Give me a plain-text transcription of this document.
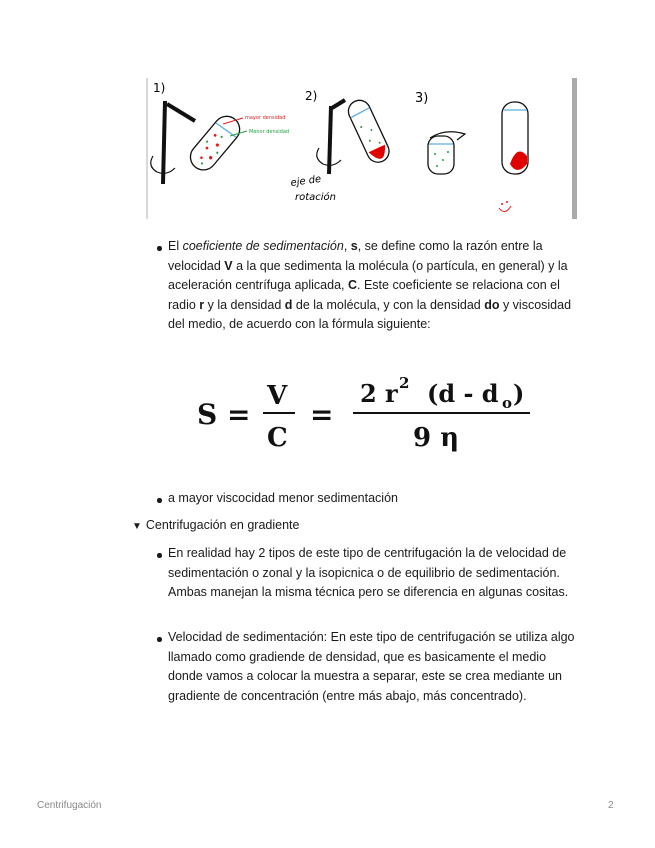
1)
mayor densidad
Menor densidad
2)
eje de
rotación
3)
El coeficiente de sedimentación, s, se define como la razón entre la velocidad V a la que sedimenta la molécula (o partícula, en general) y la aceleración centrífuga aplicada, C. Este coeficiente se relaciona con el radio r y la densidad d de la molécula, y con la densidad do y viscosidad del medio, de acuerdo con la fórmula siguiente:
S =
V
C
=
2 r 2 (d - d o )
9 η
a mayor viscocidad menor sedimentación
▼ Centrifugación en gradiente
En realidad hay 2 tipos de este tipo de centrifugación la de velocidad de sedimentación o zonal y la isopicnica o de equilibrio de sedimentación. Ambas manejan la misma técnica pero se diferencia en algunas cositas.
Velocidad de sedimentación: En este tipo de centrifugación se utiliza algo llamado como gradiende de densidad, que es basicamente el medio donde vamos a colocar la muestra a separar, este se crea mediante un gradiente de concentración (entre más abajo, más concentrado).
Centrifugación	2
